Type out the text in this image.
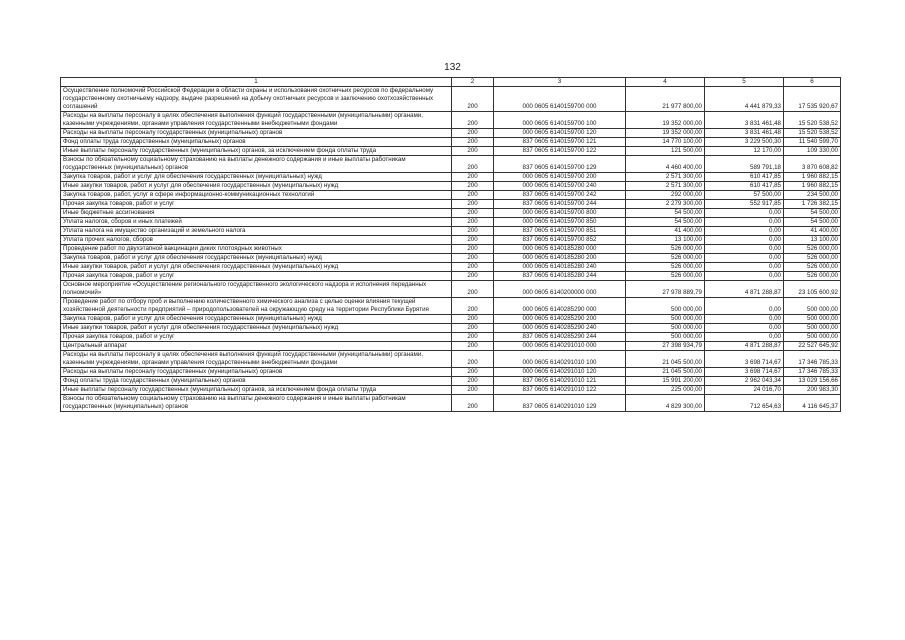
132
1	2	3	4	5	6
Осуществление полномочий Российской Федерации в области охраны и использования охотничьих ресурсов по федеральному государственному охотничьему надзору, выдаче разрешений на добычу охотничьих ресурсов и заключению охотхозяйственных соглашений	200	000 0605 6140159700 000	21 977 800,00	4 441 879,33	17 535 920,67
Расходы на выплаты персоналу в целях обеспечения выполнения функций государственными (муниципальными) органами, казенными учреждениями, органами управления государственными внебюджетными фондами	200	000 0605 6140159700 100	19 352 000,00	3 831 461,48	15 520 538,52
Расходы на выплаты персоналу государственных (муниципальных) органов	200	000 0605 6140159700 120	19 352 000,00	3 831 461,48	15 520 538,52
Фонд оплаты труда государственных (муниципальных) органов	200	837 0605 6140159700 121	14 770 100,00	3 229 500,30	11 540 599,70
Иные выплаты персоналу государственных (муниципальных) органов, за исключением фонда оплаты труда	200	837 0605 6140159700 122	121 500,00	12 170,00	109 330,00
Взносы по обязательному социальному страхованию на выплаты денежного содержания и иные выплаты работникам государственных (муниципальных) органов	200	837 0605 6140159700 129	4 460 400,00	589 791,18	3 870 608,82
Закупка товаров, работ и услуг для обеспечения государственных (муниципальных) нужд	200	000 0605 6140159700 200	2 571 300,00	610 417,85	1 960 882,15
Иные закупки товаров, работ и услуг для обеспечения государственных (муниципальных) нужд	200	000 0605 6140159700 240	2 571 300,00	610 417,85	1 960 882,15
Закупка товаров, работ, услуг в сфере информационно-коммуникационных технологий	200	837 0605 6140159700 242	292 000,00	57 500,00	234 500,00
Прочая закупка товаров, работ и услуг	200	837 0605 6140159700 244	2 279 300,00	552 917,85	1 726 382,15
Иные бюджетные ассигнования	200	000 0605 6140159700 800	54 500,00	0,00	54 500,00
Уплата налогов, сборов и иных платежей	200	000 0605 6140159700 850	54 500,00	0,00	54 500,00
Уплата налога на имущество организаций и земельного налога	200	837 0605 6140159700 851	41 400,00	0,00	41 400,00
Уплата прочих налогов, сборов	200	837 0605 6140159700 852	13 100,00	0,00	13 100,00
Проведение работ по двухэтапной вакцинации диких плотоядных животных	200	000 0605 6140185280 000	526 000,00	0,00	526 000,00
Закупка товаров, работ и услуг для обеспечения государственных (муниципальных) нужд	200	000 0605 6140185280 200	526 000,00	0,00	526 000,00
Иные закупки товаров, работ и услуг для обеспечения государственных (муниципальных) нужд	200	000 0605 6140185280 240	526 000,00	0,00	526 000,00
Прочая закупка товаров, работ и услуг	200	837 0605 6140185280 244	526 000,00	0,00	526 000,00
Основное мероприятие «Осуществление регионального государственного экологического надзора и исполнения переданных полномочий»	200	000 0605 6140200000 000	27 978 889,79	4 871 288,87	23 105 600,92
Проведение работ по отбору проб и выполнению количественного химического анализа с целью оценки влияния текущей хозяйственной деятельности предприятий – природопользователей на окружающую среду на территории Республики Бурятия	200	000 0605 6140285290 000	500 000,00	0,00	500 000,00
Закупка товаров, работ и услуг для обеспечения государственных (муниципальных) нужд	200	000 0605 6140285290 200	500 000,00	0,00	500 000,00
Иные закупки товаров, работ и услуг для обеспечения государственных (муниципальных) нужд	200	000 0605 6140285290 240	500 000,00	0,00	500 000,00
Прочая закупка товаров, работ и услуг	200	837 0605 6140285290 244	500 000,00	0,00	500 000,00
Центральный аппарат	200	000 0605 6140291010 000	27 398 934,79	4 871 288,87	22 527 645,92
Расходы на выплаты персоналу в целях обеспечения выполнения функций государственными (муниципальными) органами, казенными учреждениями, органами управления государственными внебюджетными фондами	200	000 0605 6140291010 100	21 045 500,00	3 698 714,67	17 346 785,33
Расходы на выплаты персоналу государственных (муниципальных) органов	200	000 0605 6140291010 120	21 045 500,00	3 698 714,67	17 346 785,33
Фонд оплаты труда государственных (муниципальных) органов	200	837 0605 6140291010 121	15 991 200,00	2 962 043,34	13 029 156,66
Иные выплаты персоналу государственных (муниципальных) органов, за исключением фонда оплаты труда	200	837 0605 6140291010 122	225 000,00	24 016,70	200 983,30
Взносы по обязательному социальному страхованию на выплаты денежного содержания и иные выплаты работникам государственных (муниципальных) органов	200	837 0605 6140291010 129	4 829 300,00	712 654,63	4 116 645,37
